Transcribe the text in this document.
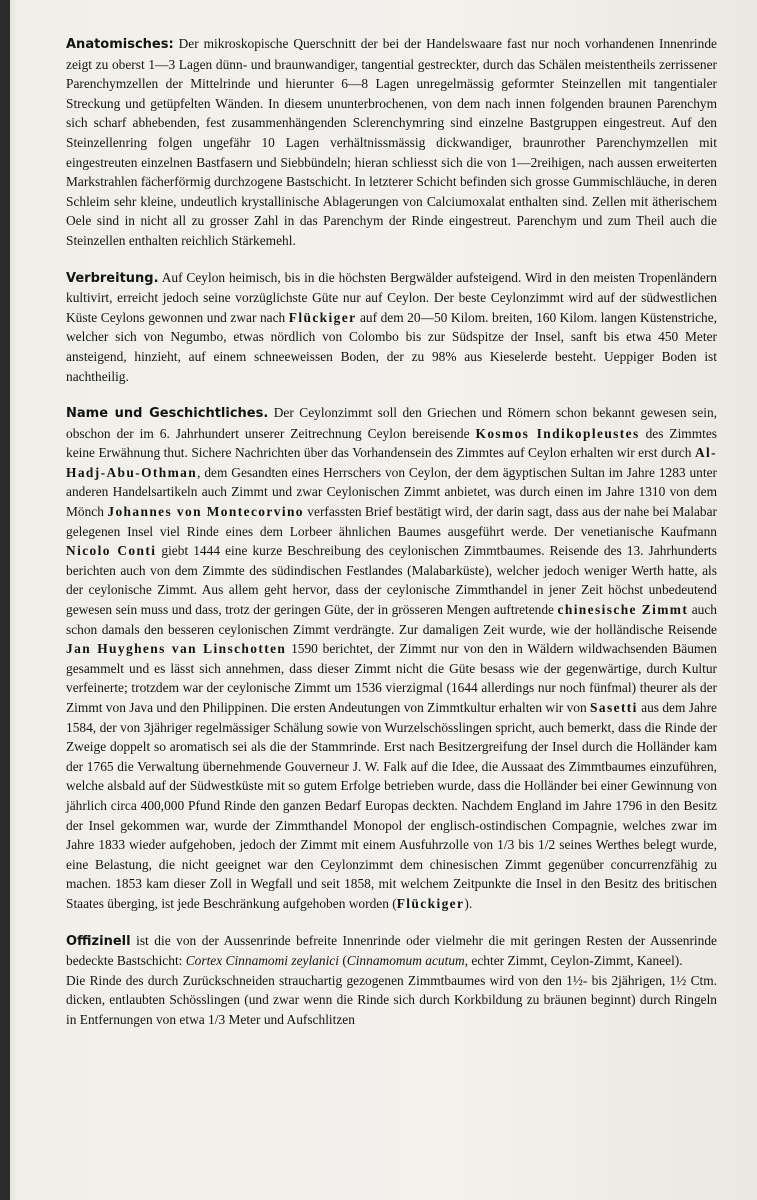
Anatomisches: Der mikroskopische Querschnitt der bei der Handelswaare fast nur noch vorhandenen Innenrinde zeigt zu oberst 1—3 Lagen dünn- und braunwandiger, tangential gestreckter, durch das Schälen meistentheils zerrissener Parenchymzellen der Mittelrinde und hierunter 6—8 Lagen unregelmässig geformter Steinzellen mit tangentialer Streckung und getüpfelten Wänden. In diesem ununterbrochenen, von dem nach innen folgenden braunen Parenchym sich scharf abhebenden, fest zusammenhängenden Sclerenchymring sind einzelne Bastgruppen eingestreut. Auf den Steinzellenring folgen ungefähr 10 Lagen verhältnissmässig dickwandiger, braunrother Parenchymzellen mit eingestreuten einzelnen Bastfasern und Siebbündeln; hieran schliesst sich die von 1—2reihigen, nach aussen erweiterten Markstrahlen fächerförmig durchzogene Bastschicht. In letzterer Schicht befinden sich grosse Gummischläuche, in deren Schleim sehr kleine, undeutlich krystallinische Ablagerungen von Calciumoxalat enthalten sind. Zellen mit ätherischem Oele sind in nicht all zu grosser Zahl in das Parenchym der Rinde eingestreut. Parenchym und zum Theil auch die Steinzellen enthalten reichlich Stärkemehl.

Verbreitung. Auf Ceylon heimisch, bis in die höchsten Bergwälder aufsteigend. Wird in den meisten Tropenländern kultivirt, erreicht jedoch seine vorzüglichste Güte nur auf Ceylon. Der beste Ceylonzimmt wird auf der südwestlichen Küste Ceylons gewonnen und zwar nach Flückiger auf dem 20—50 Kilom. breiten, 160 Kilom. langen Küstenstriche, welcher sich von Negumbo, etwas nördlich von Colombo bis zur Südspitze der Insel, sanft bis etwa 450 Meter ansteigend, hinzieht, auf einem schneeweissen Boden, der zu 98% aus Kieselerde besteht. Ueppiger Boden ist nachtheilig.

Name und Geschichtliches. Der Ceylonzimmt soll den Griechen und Römern schon bekannt gewesen sein, obschon der im 6. Jahrhundert unserer Zeitrechnung Ceylon bereisende Kosmos Indikopleustes des Zimmtes keine Erwähnung thut. Sichere Nachrichten über das Vorhandensein des Zimmtes auf Ceylon erhalten wir erst durch Al-Hadj-Abu-Othman, dem Gesandten eines Herrschers von Ceylon, der dem ägyptischen Sultan im Jahre 1283 unter anderen Handelsartikeln auch Zimmt und zwar Ceylonischen Zimmt anbietet, was durch einen im Jahre 1310 von dem Mönch Johannes von Montecorvino verfassten Brief bestätigt wird, der darin sagt, dass aus der nahe bei Malabar gelegenen Insel viel Rinde eines dem Lorbeer ähnlichen Baumes ausgeführt werde. Der venetianische Kaufmann Nicolo Conti giebt 1444 eine kurze Beschreibung des ceylonischen Zimmtbaumes. Reisende des 13. Jahrhunderts berichten auch von dem Zimmte des südindischen Festlandes (Malabarküste), welcher jedoch weniger Werth hatte, als der ceylonische Zimmt. Aus allem geht hervor, dass der ceylonische Zimmthandel in jener Zeit höchst unbedeutend gewesen sein muss und dass, trotz der geringen Güte, der in grösseren Mengen auftretende chinesische Zimmt auch schon damals den besseren ceylonischen Zimmt verdrängte. Zur damaligen Zeit wurde, wie der holländische Reisende Jan Huyghens van Linschotten 1590 berichtet, der Zimmt nur von den in Wäldern wildwachsenden Bäumen gesammelt und es lässt sich annehmen, dass dieser Zimmt nicht die Güte besass wie der gegenwärtige, durch Kultur verfeinerte; trotzdem war der ceylonische Zimmt um 1536 vierzigmal (1644 allerdings nur noch fünfmal) theurer als der Zimmt von Java und den Philippinen. Die ersten Andeutungen von Zimmtkultur erhalten wir von Sasetti aus dem Jahre 1584, der von 3jähriger regelmässiger Schälung sowie von Wurzelschösslingen spricht, auch bemerkt, dass die Rinde der Zweige doppelt so aromatisch sei als die der Stammrinde. Erst nach Besitzergreifung der Insel durch die Holländer kam der 1765 die Verwaltung übernehmende Gouverneur J. W. Falk auf die Idee, die Aussaat des Zimmtbaumes einzuführen, welche alsbald auf der Südwestküste mit so gutem Erfolge betrieben wurde, dass die Holländer bei einer Gewinnung von jährlich circa 400,000 Pfund Rinde den ganzen Bedarf Europas deckten. Nachdem England im Jahre 1796 in den Besitz der Insel gekommen war, wurde der Zimmthandel Monopol der englisch-ostindischen Compagnie, welches zwar im Jahre 1833 wieder aufgehoben, jedoch der Zimmt mit einem Ausfuhrzolle von 1/3 bis 1/2 seines Werthes belegt wurde, eine Belastung, die nicht geeignet war den Ceylonzimmt dem chinesischen Zimmt gegenüber concurrenzfähig zu machen. 1853 kam dieser Zoll in Wegfall und seit 1858, mit welchem Zeitpunkte die Insel in den Besitz des britischen Staates überging, ist jede Beschränkung aufgehoben worden (Flückiger).

Offizinell ist die von der Aussenrinde befreite Innenrinde oder vielmehr die mit geringen Resten der Aussenrinde bedeckte Bastschicht: Cortex Cinnamomi zeylanici (Cinnamomum acutum, echter Zimmt, Ceylon-Zimmt, Kaneel).

Die Rinde des durch Zurückschneiden strauchartig gezogenen Zimmtbaumes wird von den 1½- bis 2jährigen, 1½ Ctm. dicken, entlaubten Schösslingen (und zwar wenn die Rinde sich durch Korkbildung zu bräunen beginnt) durch Ringeln in Entfernungen von etwa 1/3 Meter und Aufschlitzen
